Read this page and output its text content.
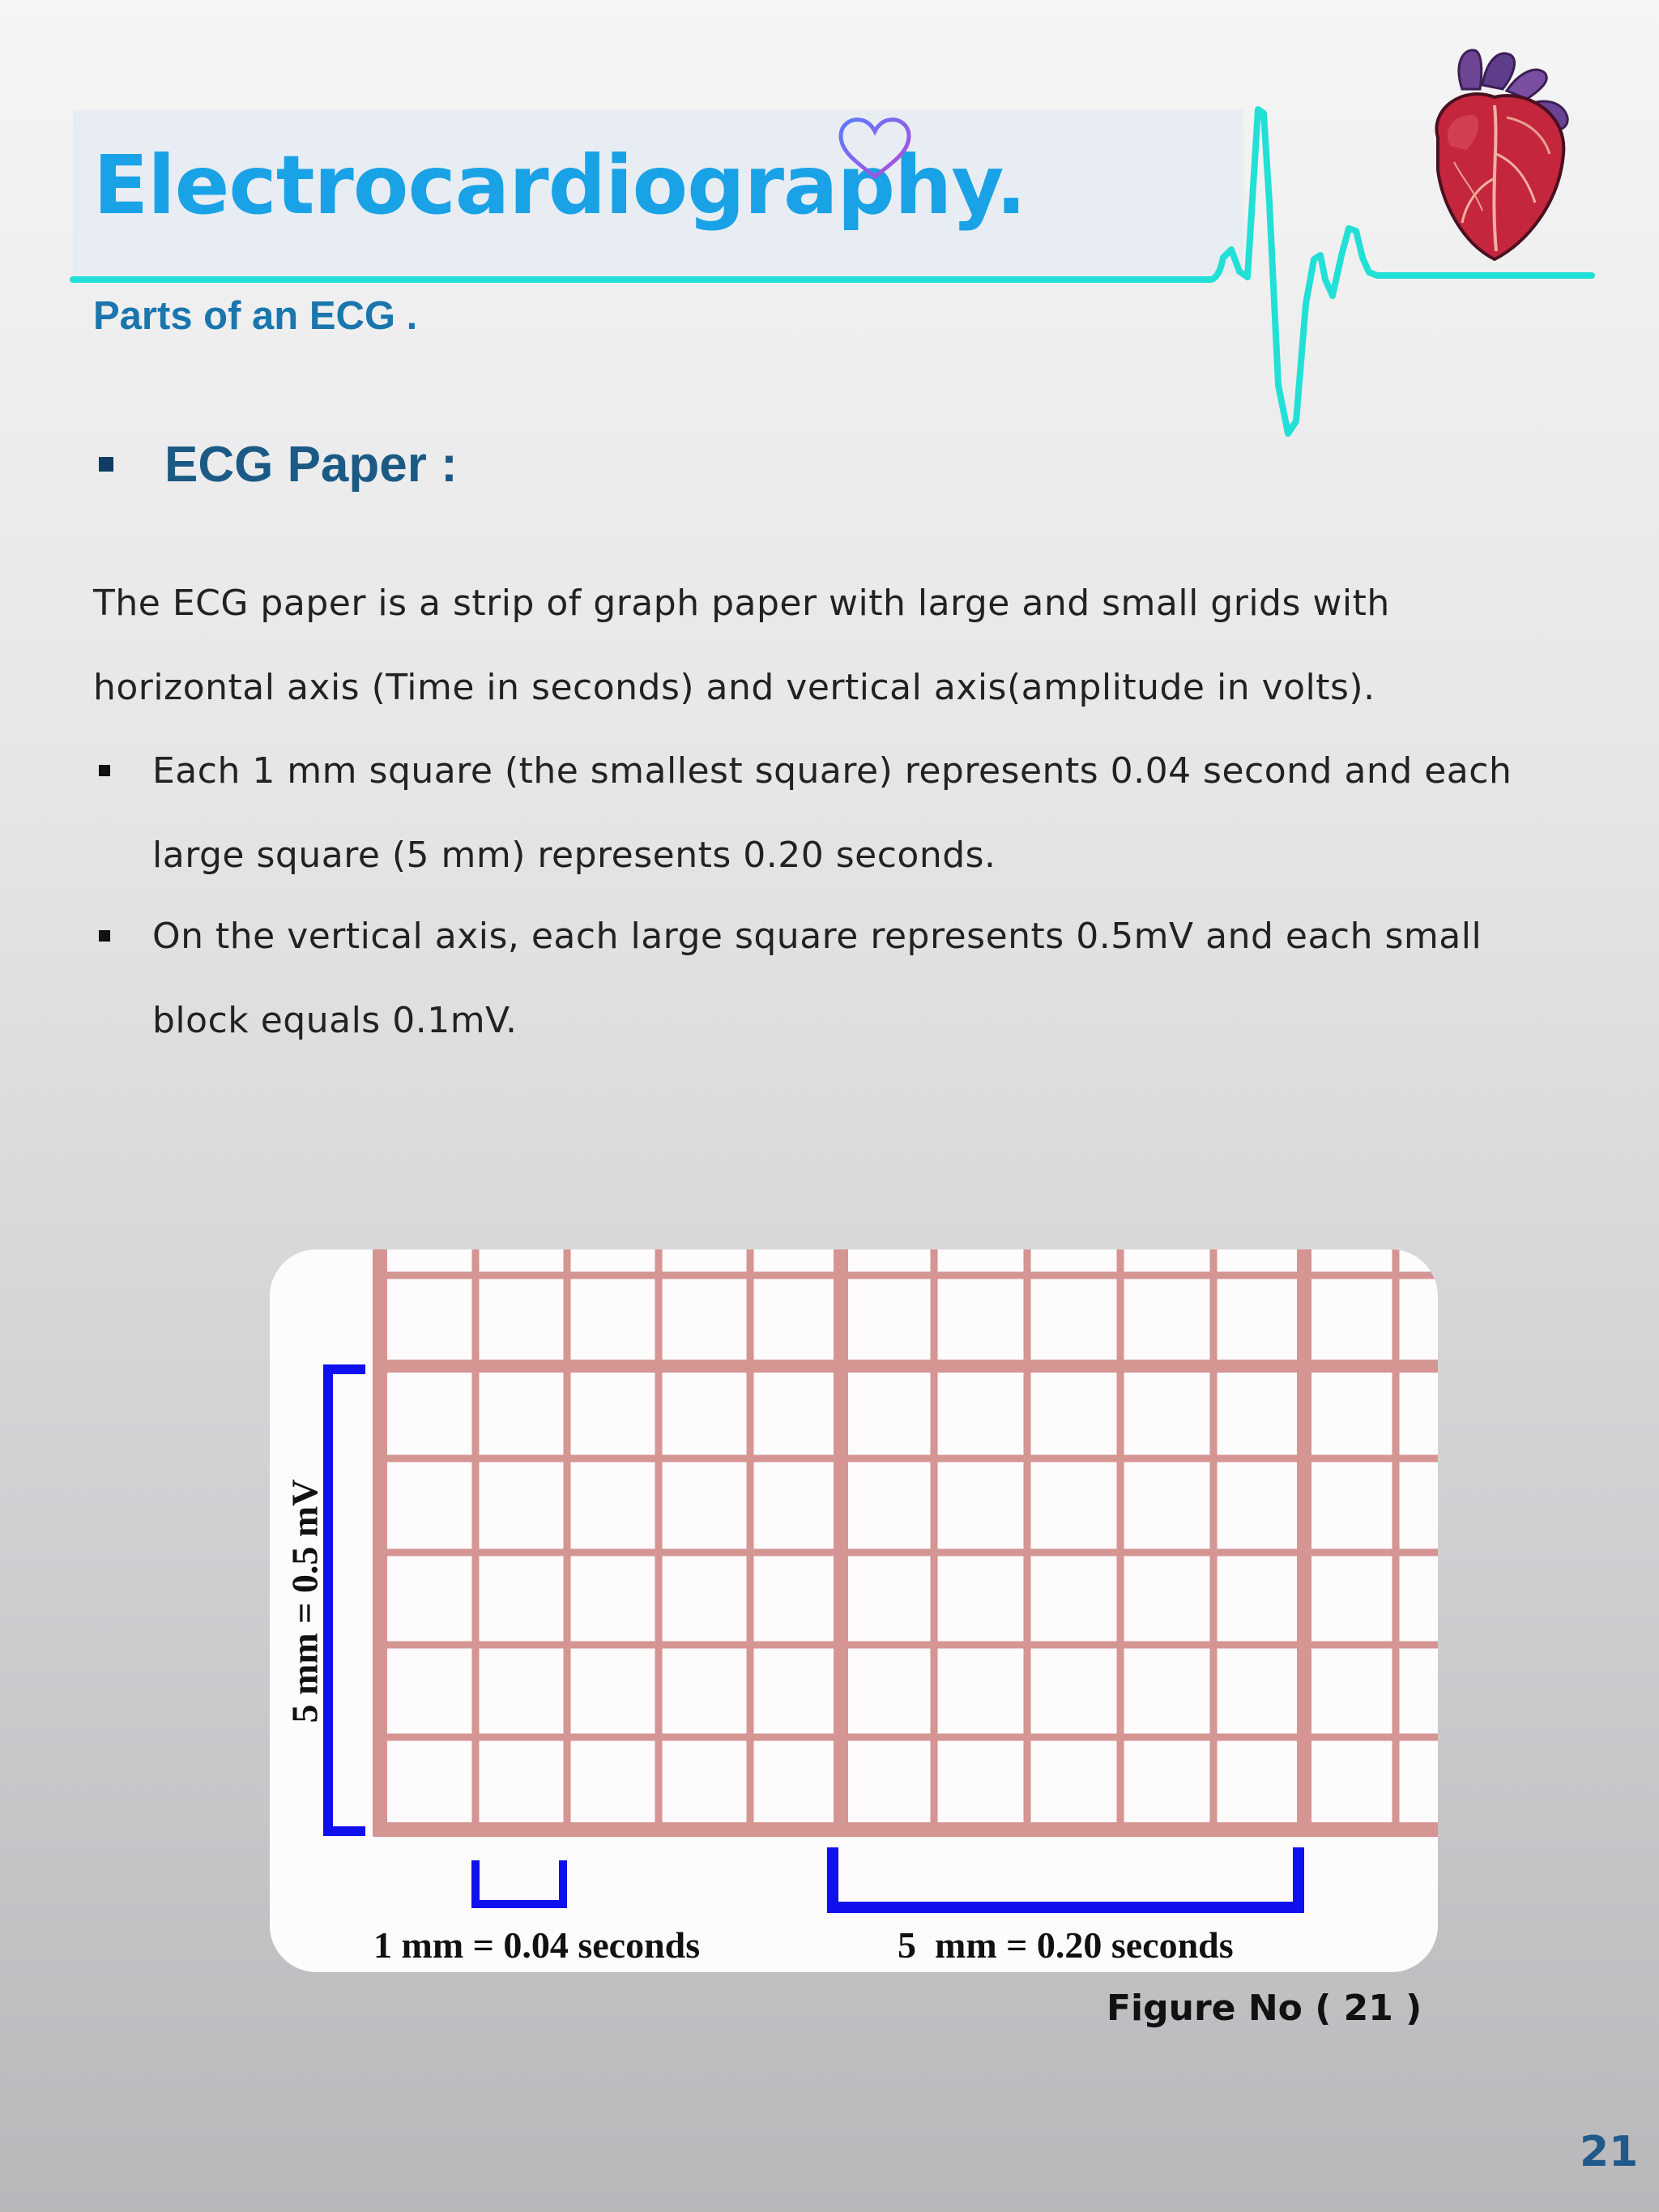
Electrocardiography.
Parts of an ECG .
ECG Paper :

The ECG paper is a strip of graph paper with large and small grids with

horizontal axis (Time in seconds) and vertical axis(amplitude in volts).

Each 1 mm square (the smallest square) represents 0.04 second and each

large square (5 mm) represents 0.20 seconds.

On the vertical axis, each large square represents 0.5mV and each small

block equals 0.1mV.

5 mm = 0.5 mV
1 mm = 0.04 seconds	5  mm = 0.20 seconds

Figure No ( 21 )

21
